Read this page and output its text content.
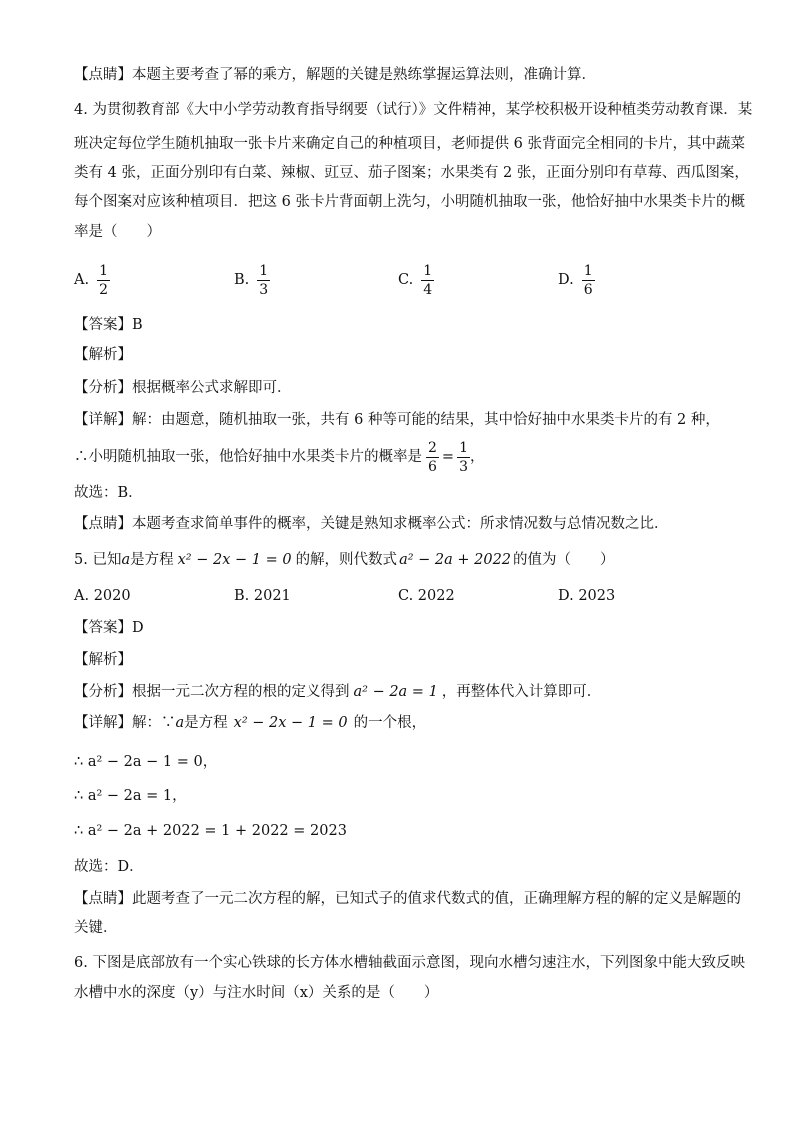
【点睛】本题主要考查了幂的乘方，解题的关键是熟练掌握运算法则，准确计算．
4. 为贯彻教育部《大中小学劳动教育指导纲要（试行）》文件精神，某学校积极开设种植类劳动教育课．某
班决定每位学生随机抽取一张卡片来确定自己的种植项目，老师提供 6 张背面完全相同的卡片，其中蔬菜
类有 4 张，正面分别印有白菜、辣椒、豇豆、茄子图案；水果类有 2 张，正面分别印有草莓、西瓜图案，
每个图案对应该种植项目．把这 6 张卡片背面朝上洗匀，小明随机抽取一张，他恰好抽中水果类卡片的概
率是（　　）
A. $\frac{1}{2}$	B. $\frac{1}{3}$	C. $\frac{1}{4}$	D. $\frac{1}{6}$
【答案】B
【解析】
【分析】根据概率公式求解即可．
【详解】解：由题意，随机抽取一张，共有 6 种等可能的结果，其中恰好抽中水果类卡片的有 2 种，
∴小明随机抽取一张，他恰好抽中水果类卡片的概率是 $\frac{2}{6} = \frac{1}{3}$ ，
故选：B．
【点睛】本题考查求简单事件的概率，关键是熟知求概率公式：所求情况数与总情况数之比．
5. 已知a是方程 x² − 2x − 1 = 0 的解，则代数式 a² − 2a + 2022 的值为（　　）
A. 2020	B. 2021	C. 2022	D. 2023
【答案】D
【解析】
【分析】根据一元二次方程的根的定义得到 a² − 2a = 1 ，再整体代入计算即可．
【详解】解：∵a是方程 x² − 2x − 1 = 0 的一个根，
∴ a² − 2a − 1 = 0，
∴ a² − 2a = 1，
∴ a² − 2a + 2022 = 1 + 2022 = 2023
故选：D．
【点睛】此题考查了一元二次方程的解，已知式子的值求代数式的值，正确理解方程的解的定义是解题的
关键．
6. 下图是底部放有一个实心铁球的长方体水槽轴截面示意图，现向水槽匀速注水，下列图象中能大致反映
水槽中水的深度（y）与注水时间（x）关系的是（　　）
